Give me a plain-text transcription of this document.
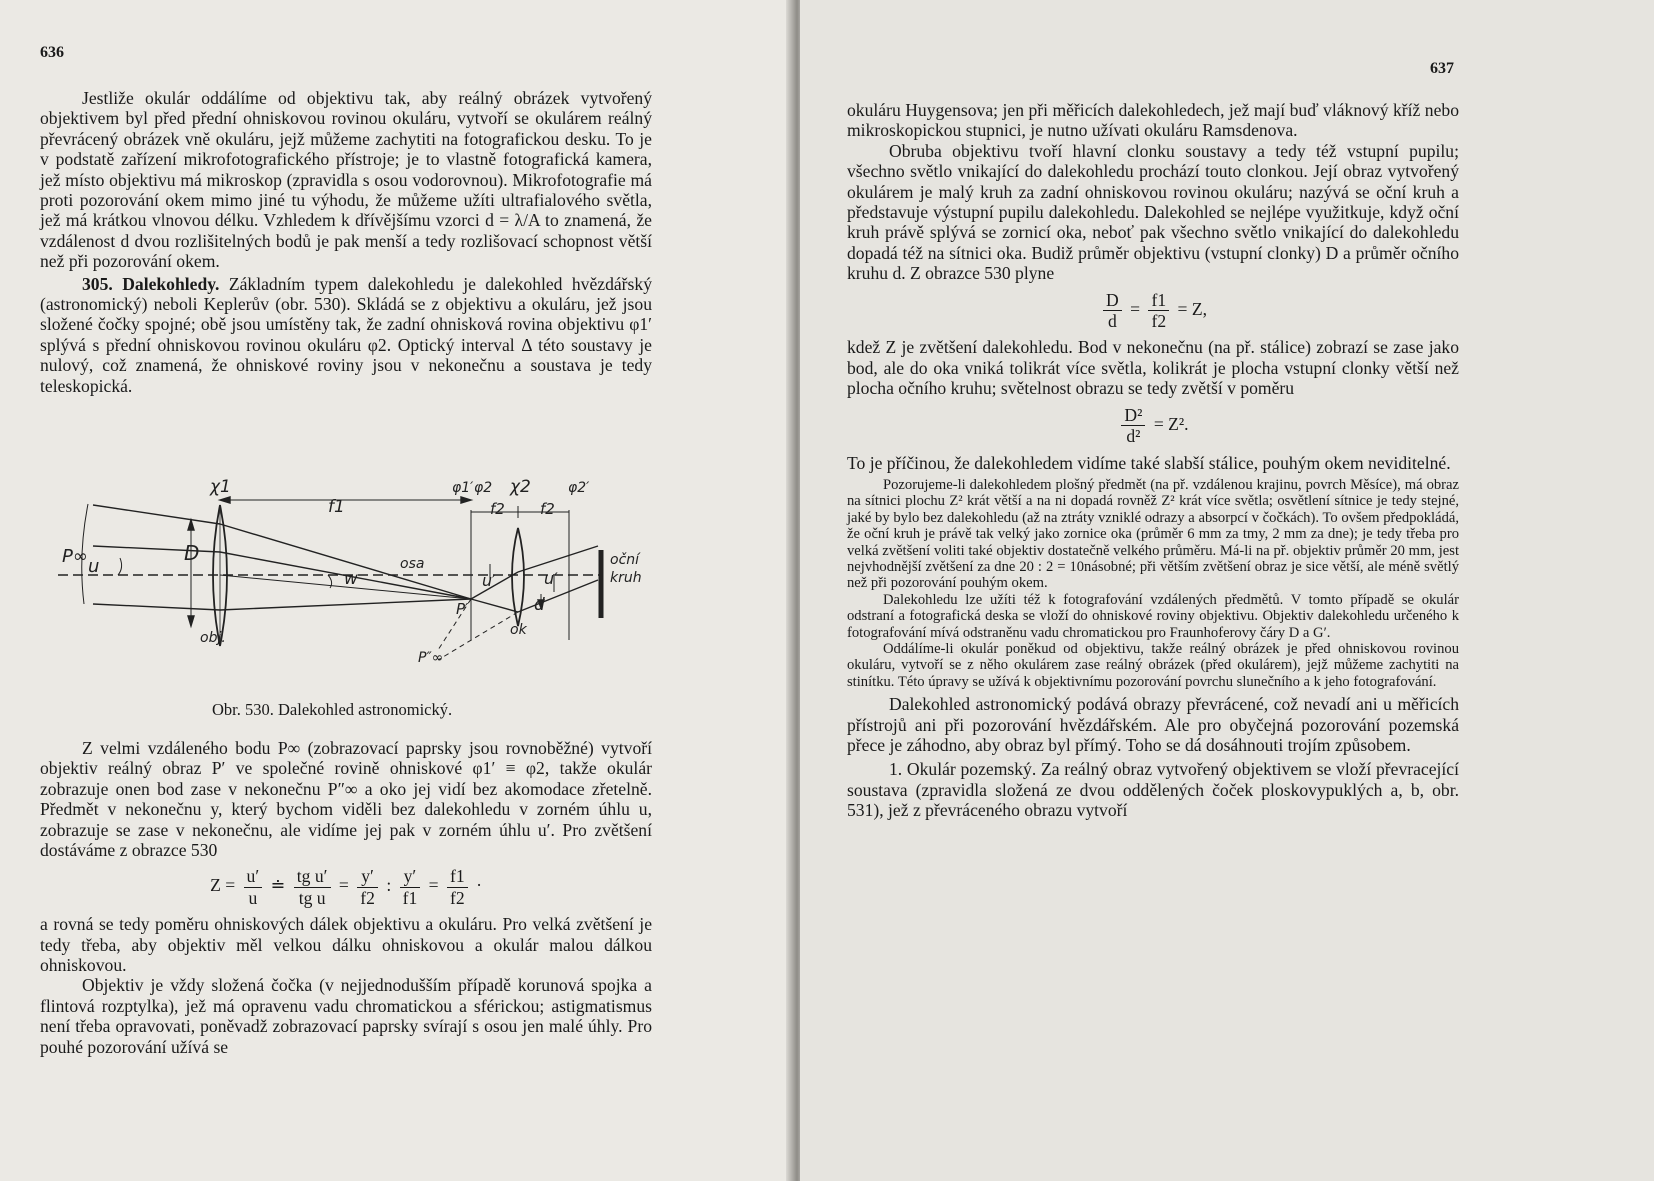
636

Jestliže okulár oddálíme od objektivu tak, aby reálný obrázek vytvořený objektivem byl před přední ohniskovou rovinou okuláru, vytvoří se okulárem reálný převrácený obrázek vně okuláru, jejž můžeme zachytiti na fotografickou desku. To je v podstatě zařízení mikrofotografického přístroje; je to vlastně fotografická kamera, jež místo objektivu má mikroskop (zpravidla s osou vodorovnou). Mikrofotografie má proti pozorování okem mimo jiné tu výhodu, že můžeme užíti ultrafialového světla, jež má krátkou vlnovou délku. Vzhledem k dřívějšímu vzorci d = λ/A to znamená, že vzdálenost d dvou rozlišitelných bodů je pak menší a tedy rozlišovací schopnost větší než při pozorování okem.

305. Dalekohledy. Základním typem dalekohledu je dalekohled hvězdářský (astronomický) neboli Keplerův (obr. 530). Skládá se z objektivu a okuláru, jež jsou složené čočky spojné; obě jsou umístěny tak, že zadní ohnisková rovina objektivu φ1′ splývá s přední ohniskovou rovinou okuláru φ2. Optický interval Δ této soustavy je nulový, což znamená, že ohniskové roviny jsou v nekonečnu a soustava je tedy teleskopická.

χ1	χ2
φ1′ φ2	φ2′
f1	f2 f2
P∞ u
D	osa
w	u′	u′
P′	d
obj.	ok
P″∞
oční
kruh
Obr. 530. Dalekohled astronomický.

Z velmi vzdáleného bodu P∞ (zobrazovací paprsky jsou rovnoběžné) vytvoří objektiv reálný obraz P′ ve společné rovině ohniskové φ1′ ≡ φ2, takže okulár zobrazuje onen bod zase v nekonečnu P″∞ a oko jej vidí bez akomodace zřetelně. Předmět v nekonečnu y, který bychom viděli bez dalekohledu v zorném úhlu u, zobrazuje se zase v nekonečnu, ale vidíme jej pak v zorném úhlu u′. Pro zvětšení dostáváme z obrazce 530

$Z = \frac{u'}{u}$ ≐ $\frac{\text{tg u′}}{\text{tg u}} = \frac{y'}{f2}$ : $\frac{y'}{f1} = \frac{f1}{f2}$ ·

a rovná se tedy poměru ohniskových dálek objektivu a okuláru. Pro velká zvětšení je tedy třeba, aby objektiv měl velkou dálku ohniskovou a okulár malou dálkou ohniskovou.

Objektiv je vždy složená čočka (v nejjednodušším případě korunová spojka a flintová rozptylka), jež má opravenu vadu chromatickou a sférickou; astigmatismus není třeba opravovati, poněvadž zobrazovací paprsky svírají s osou jen malé úhly. Pro pouhé pozorování užívá se

637

okuláru Huygensova; jen při měřicích dalekohledech, jež mají buď vláknový kříž nebo mikroskopickou stupnici, je nutno užívati okuláru Ramsdenova.

Obruba objektivu tvoří hlavní clonku soustavy a tedy též vstupní pupilu; všechno světlo vnikající do dalekohledu prochází touto clonkou. Její obraz vytvořený okulárem je malý kruh za zadní ohniskovou rovinou okuláru; nazývá se oční kruh a představuje výstupní pupilu dalekohledu. Dalekohled se nejlépe využitkuje, když oční kruh právě splývá se zornicí oka, neboť pak všechno světlo vnikající do dalekohledu dopadá též na sítnici oka. Budiž průměr objektivu (vstupní clonky) D a průměr očního kruhu d. Z obrazce 530 plyne

$\frac{D}{d} = \frac{f1}{f2} = Z$,

kdež Z je zvětšení dalekohledu. Bod v nekonečnu (na př. stálice) zobrazí se zase jako bod, ale do oka vniká tolikrát více světla, kolikrát je plocha vstupní clonky větší než plocha očního kruhu; světelnost obrazu se tedy zvětší v poměru

$\frac{\text{D²}}{\text{d²}} = Z^2$.

To je příčinou, že dalekohledem vidíme také slabší stálice, pouhým okem neviditelné.

Pozorujeme-li dalekohledem plošný předmět (na př. vzdálenou krajinu, povrch Měsíce), má obraz na sítnici plochu Z² krát větší a na ni dopadá rovněž Z² krát více světla; osvětlení sítnice je tedy stejné, jaké by bylo bez dalekohledu (až na ztráty vzniklé odrazy a absorpcí v čočkách). To ovšem předpokládá, že oční kruh je právě tak velký jako zornice oka (průměr 6 mm za tmy, 2 mm za dne); je tedy třeba pro velká zvětšení voliti také objektiv dostatečně velkého průměru. Má-li na př. objektiv průměr 20 mm, jest nejvhodnější zvětšení za dne 20 : 2 = 10násobné; při větším zvětšení obraz je sice větší, ale méně světlý než při pozorování pouhým okem.

Dalekohledu lze užíti též k fotografování vzdálených předmětů. V tomto případě se okulár odstraní a fotografická deska se vloží do ohniskové roviny objektivu. Objektiv dalekohledu určeného k fotografování mívá odstraněnu vadu chromatickou pro Fraunhoferovy čáry D a G′.

Oddálíme-li okulár poněkud od objektivu, takže reálný obrázek je před ohniskovou rovinou okuláru, vytvoří se z něho okulárem zase reálný obrázek (před okulárem), jejž můžeme zachytiti na stinítku. Této úpravy se užívá k objektivnímu pozorování povrchu slunečního a k jeho fotografování.

Dalekohled astronomický podává obrazy převrácené, což nevadí ani u měřicích přístrojů ani při pozorování hvězdářském. Ale pro obyčejná pozorování pozemská přece je záhodno, aby obraz byl přímý. Toho se dá dosáhnouti trojím způsobem.

1. Okulár pozemský. Za reálný obraz vytvořený objektivem se vloží převracející soustava (zpravidla složená ze dvou oddělených čoček ploskovypuklých a, b, obr. 531), jež z převráceného obrazu vytvoří
